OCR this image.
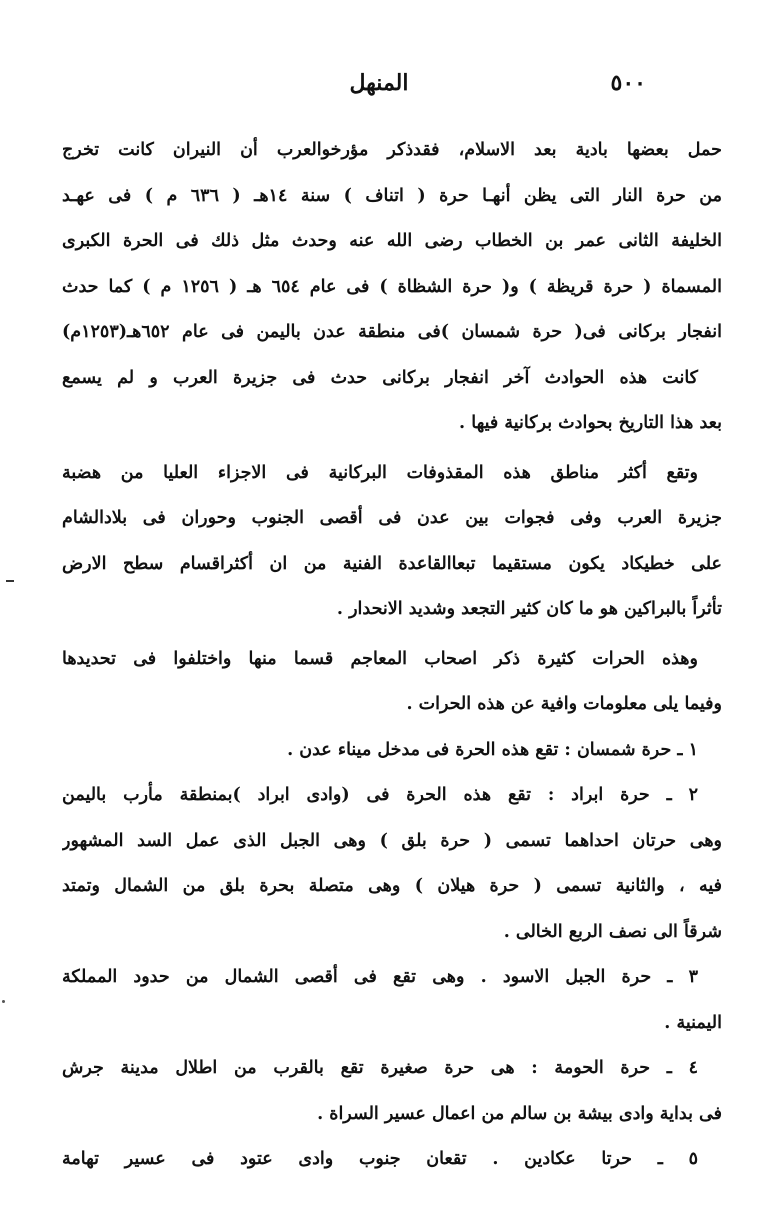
٥٠٠
المنهل
حمل بعضها بادية بعد الاسلام، فقدذكر مؤرخوالعرب أن النيران كانت تخرج
من حرة النار التى يظن أنهـا حرة ( اتناف ) سنة ١٤هـ ( ٦٣٦ م ) فى عهـد
الخليفة الثانى عمر بن الخطاب رضى الله عنه وحدث مثل ذلك فى الحرة الكبرى
المسماة ( حرة قريظة ) و( حرة الشظاة ) فى عام ٦٥٤ هـ ( ١٢٥٦ م ) كما حدث
انفجار بركانى فى( حرة شمسان )فى منطقة عدن باليمن فى عام ٦٥٢هـ(١٢٥٣م)
كانت هذه الحوادث آخر انفجار بركانى حدث فى جزيرة العرب و لم يسمع
بعد هذا التاريخ بحوادث بركانية فيها .
وتقع أكثر مناطق هذه المقذوفات البركانية فى الاجزاء العليا من هضبة
جزيرة العرب وفى فجوات بين عدن فى أقصى الجنوب وحوران فى بلادالشام
على خطيكاد يكون مستقيما تبعاالقاعدة الفنية من ان أكثراقسام سطح الارض
تأثراً بالبراكين هو ما كان كثير التجعد وشديد الانحدار .
وهذه الحرات كثيرة ذكر اصحاب المعاجم قسما منها واختلفوا فى تحديدها
وفيما يلى معلومات وافية عن هذه الحرات .
١ ـ حرة شمسان : تقع هذه الحرة فى مدخل ميناء عدن .
٢ ـ حرة ابراد : تقع هذه الحرة فى (وادى ابراد )بمنطقة مأرب باليمن
وهى حرتان احداهما تسمى ( حرة بلق ) وهى الجبل الذى عمل السد المشهور
فيه ، والثانية تسمى ( حرة هيلان ) وهى متصلة بحرة بلق من الشمال وتمتد
شرقاً الى نصف الربع الخالى .
٣ ـ حرة الجبل الاسود . وهى تقع فى أقصى الشمال من حدود المملكة
اليمنية .
٤ ـ حرة الحومة : هى حرة صغيرة تقع بالقرب من اطلال مدينة جرش
فى بداية وادى بيشة بن سالم من اعمال عسير السراة .
٥ ـ حرتا عكادين . تقعان جنوب وادى عتود فى عسير تهامة
